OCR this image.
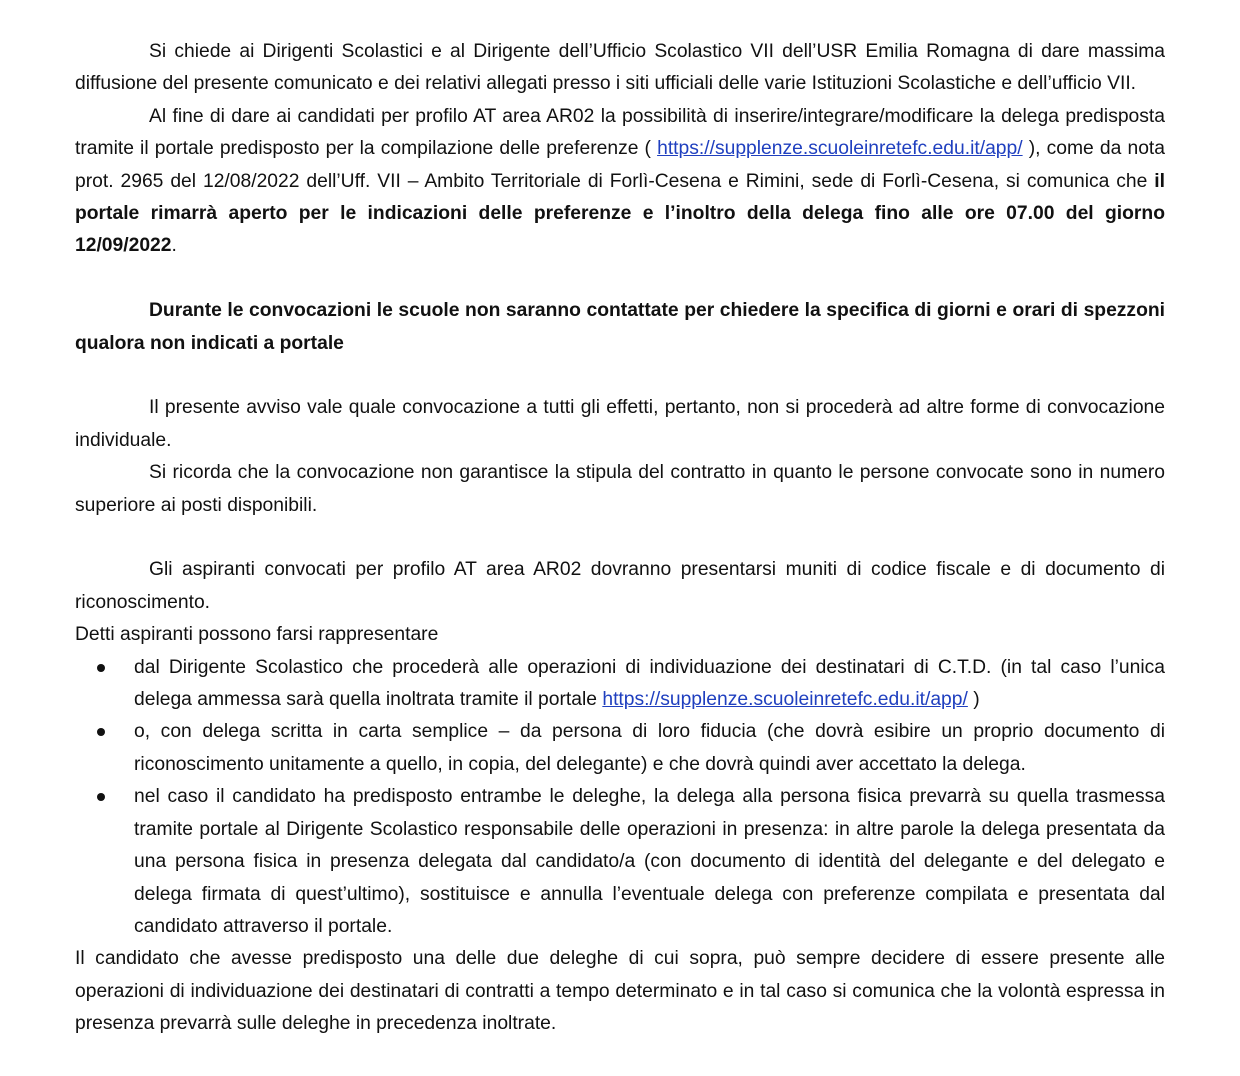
Si chiede ai Dirigenti Scolastici e al Dirigente dell’Ufficio Scolastico VII dell’USR Emilia Romagna di dare massima diffusione del presente comunicato e dei relativi allegati presso i siti ufficiali delle varie Istituzioni Scolastiche e dell’ufficio VII.

Al fine di dare ai candidati per profilo AT area AR02 la possibilità di inserire/integrare/modificare la delega predisposta tramite il portale predisposto per la compilazione delle preferenze ( https://supplenze.scuoleinretefc.edu.it/app/ ), come da nota prot. 2965 del 12/08/2022 dell’Uff. VII – Ambito Territoriale di Forlì-Cesena e Rimini, sede di Forlì-Cesena, si comunica che il portale rimarrà aperto per le indicazioni delle preferenze e l’inoltro della delega fino alle ore 07.00 del giorno 12/09/2022.

Durante le convocazioni le scuole non saranno contattate per chiedere la specifica di giorni e orari di spezzoni qualora non indicati a portale

Il presente avviso vale quale convocazione a tutti gli effetti, pertanto, non si procederà ad altre forme di convocazione individuale.

Si ricorda che la convocazione non garantisce la stipula del contratto in quanto le persone convocate sono in numero superiore ai posti disponibili.

Gli aspiranti convocati per profilo AT area AR02 dovranno presentarsi muniti di codice fiscale e di documento di riconoscimento.

Detti aspiranti possono farsi rappresentare

dal Dirigente Scolastico che procederà alle operazioni di individuazione dei destinatari di C.T.D. (in tal caso l’unica delega ammessa sarà quella inoltrata tramite il portale https://supplenze.scuoleinretefc.edu.it/app/ )
o, con delega scritta in carta semplice – da persona di loro fiducia (che dovrà esibire un proprio documento di riconoscimento unitamente a quello, in copia, del delegante) e che dovrà quindi aver accettato la delega.
nel caso il candidato ha predisposto entrambe le deleghe, la delega alla persona fisica prevarrà su quella trasmessa tramite portale al Dirigente Scolastico responsabile delle operazioni in presenza: in altre parole la delega presentata da una persona fisica in presenza delegata dal candidato/a (con documento di identità del delegante e del delegato e delega firmata di quest’ultimo), sostituisce e annulla l’eventuale delega con preferenze compilata e presentata dal candidato attraverso il portale.

Il candidato che avesse predisposto una delle due deleghe di cui sopra, può sempre decidere di essere presente alle operazioni di individuazione dei destinatari di contratti a tempo determinato e in tal caso si comunica che la volontà espressa in presenza prevarrà sulle deleghe in precedenza inoltrate.
